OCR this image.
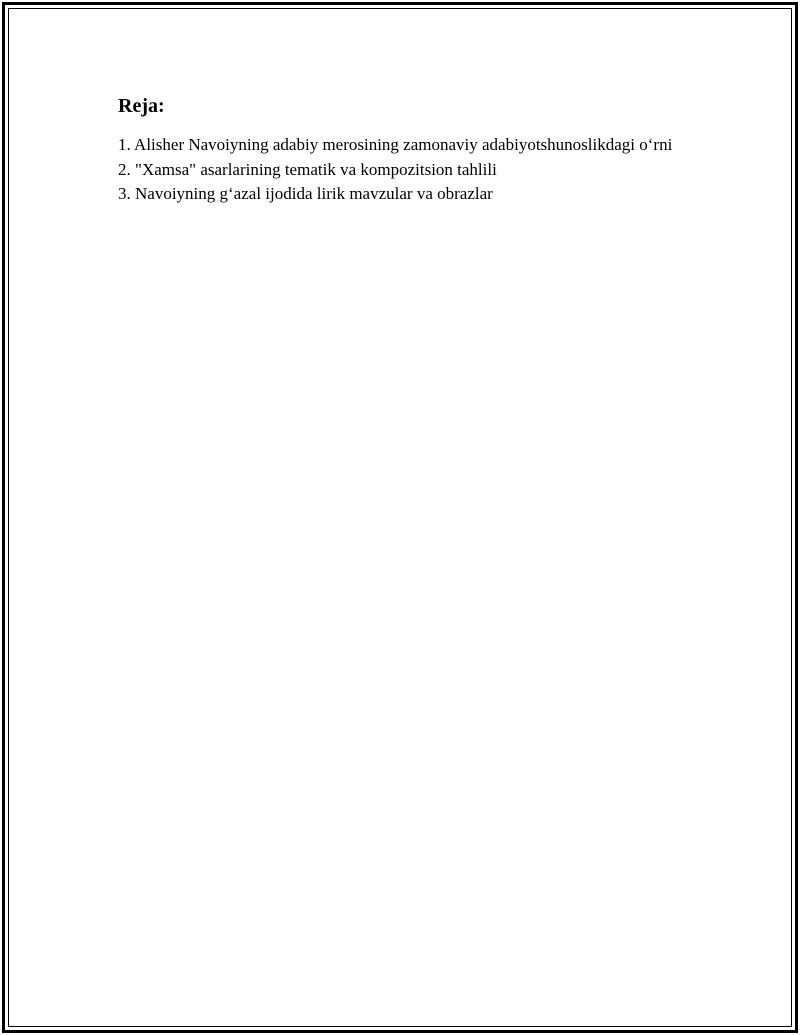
Reja:
1. Alisher Navoiyning adabiy merosining zamonaviy adabiyotshunoslikdagi o‘rni
2. "Xamsa" asarlarining tematik va kompozitsion tahlili
3. Navoiyning g‘azal ijodida lirik mavzular va obrazlar
